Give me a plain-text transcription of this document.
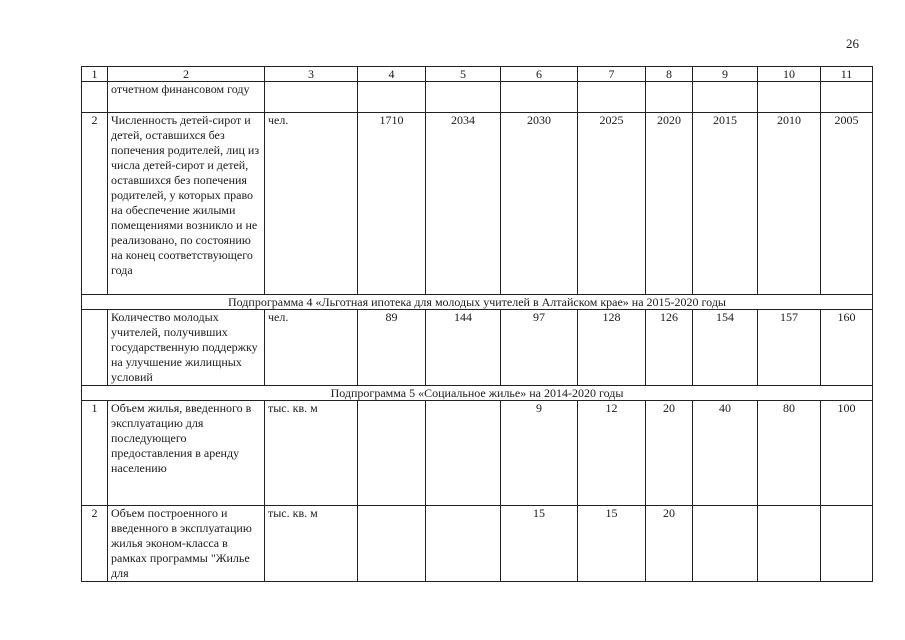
26
1	2	3	4	5	6	7	8	9	10	11
	отчетном финансовом году									
2	Численность детей-сирот и детей, оставшихся без попечения родителей, лиц из числа детей-сирот и детей, оставшихся без попечения родителей, у которых право на обеспечение жилыми помещениями возникло и не реализовано, по состоянию на конец соответствующего года	чел.	1710	2034	2030	2025	2020	2015	2010	2005
Подпрограмма 4 «Льготная ипотека для молодых учителей в Алтайском крае» на 2015-2020 годы										
	Количество молодых учителей, получивших государственную поддержку на улучшение жилищных условий	чел.	89	144	97	128	126	154	157	160
Подпрограмма 5 «Социальное жилье» на 2014-2020 годы										
1	Объем жилья, введенного в эксплуатацию для последующего предоставления в аренду населению	тыс. кв. м			9	12	20	40	80	100
2	Объем построенного и введенного в эксплуатацию жилья эконом-класса в рамках программы "Жилье для	тыс. кв. м			15	15	20			
